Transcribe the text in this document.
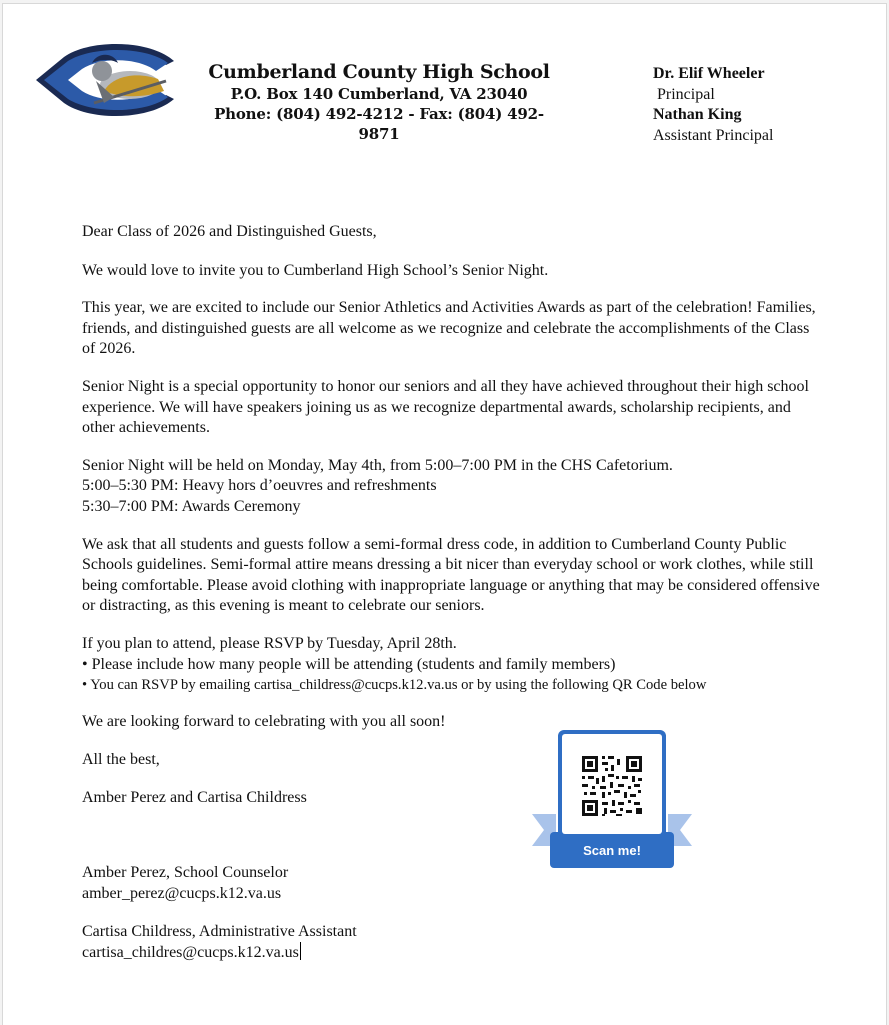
Cumberland County High School
P.O. Box 140 Cumberland, VA 23040
Phone: (804) 492-4212 - Fax: (804) 492-9871
Dr. Elif Wheeler
Principal
Nathan King
Assistant Principal

Dear Class of 2026 and Distinguished Guests,

We would love to invite you to Cumberland High School’s Senior Night.

This year, we are excited to include our Senior Athletics and Activities Awards as part of the celebration! Families, friends, and distinguished guests are all welcome as we recognize and celebrate the accomplishments of the Class of 2026.

Senior Night is a special opportunity to honor our seniors and all they have achieved throughout their high school experience. We will have speakers joining us as we recognize departmental awards, scholarship recipients, and other achievements.

Senior Night will be held on Monday, May 4th, from 5:00–7:00 PM in the CHS Cafetorium.

5:00–5:30 PM: Heavy hors d’oeuvres and refreshments

5:30–7:00 PM: Awards Ceremony

We ask that all students and guests follow a semi-formal dress code, in addition to Cumberland County Public Schools guidelines. Semi-formal attire means dressing a bit nicer than everyday school or work clothes, while still being comfortable. Please avoid clothing with inappropriate language or anything that may be considered offensive or distracting, as this evening is meant to celebrate our seniors.

If you plan to attend, please RSVP by Tuesday, April 28th.

• Please include how many people will be attending (students and family members)

• You can RSVP by emailing cartisa_childress@cucps.k12.va.us or by using the following QR Code below

We are looking forward to celebrating with you all soon!

All the best,

Amber Perez and Cartisa Childress

Amber Perez, School Counselor

amber_perez@cucps.k12.va.us

Cartisa Childress, Administrative Assistant

cartisa_childres@cucps.k12.va.us

Scan me!
